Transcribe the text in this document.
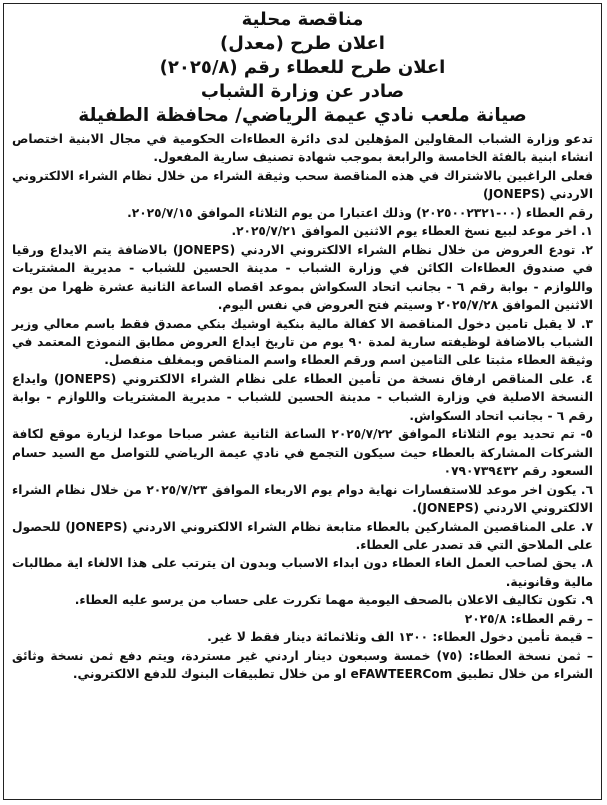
مناقصة محلية
اعلان طرح (معدل)
اعلان طرح للعطاء رقم (٢٠٢٥/٨)
صادر عن وزارة الشباب
صيانة ملعب نادي عيمة الرياضي/ محافظة الطفيلة

تدعو وزارة الشباب المقاولين المؤهلين لدى دائرة العطاءات الحكومية في مجال الابنية اختصاص انشاء ابنية بالفئة الخامسة والرابعة بموجب شهادة تصنيف سارية المفعول.

فعلى الراغبين بالاشتراك في هذه المناقصة سحب وثيقة الشراء من خلال نظام الشراء الالكتروني الاردني (JONEPS)

رقم العطاء (٠٠-٢٠٢٥٠٠٢٣٢١) وذلك اعتبارا من يوم الثلاثاء الموافق ٢٠٢٥/٧/١٥.

١. اخر موعد لبيع نسخ العطاء يوم الاثنين الموافق ٢٠٢٥/٧/٢١.

٢. تودع العروض من خلال نظام الشراء الالكتروني الاردني (JONEPS) بالاضافة يتم الايداع ورقيا في صندوق العطاءات الكائن في وزارة الشباب - مدينة الحسين للشباب - مديرية المشتريات واللوازم - بوابة رقم ٦ - بجانب اتحاد السكواش بموعد اقصاه الساعة الثانية عشرة ظهرا من يوم الاثنين الموافق ٢٠٢٥/٧/٢٨ وسيتم فتح العروض في نفس اليوم.

٣. لا يقبل تامين دخول المناقصة الا كفالة مالية بنكية اوشيك بنكي مصدق فقط باسم معالي وزير الشباب بالاضافة لوظيفته سارية لمدة ٩٠ يوم من تاريخ ايداع العروض مطابق النموذج المعتمد في وثيقة العطاء مثبتا على التامين اسم ورقم العطاء واسم المناقص وبمغلف منفصل.

٤. على المناقص ارفاق نسخة من تأمين العطاء على نظام الشراء الالكتروني (JONEPS) وايداع النسخة الاصلية في وزارة الشباب - مدينة الحسين للشباب - مديرية المشتريات واللوازم - بوابة رقم ٦ - بجانب اتحاد السكواش.

٥- تم تحديد يوم الثلاثاء الموافق ٢٠٢٥/٧/٢٢ الساعة الثانية عشر صباحا موعدا لزيارة موقع لكافة الشركات المشاركة بالعطاء حيث سيكون التجمع في نادي عيمة الرياضي للتواصل مع السيد حسام السعود رقم ٠٧٩٠٧٣٩٤٣٢

٦. يكون اخر موعد للاستفسارات نهاية دوام يوم الاربعاء الموافق ٢٠٢٥/٧/٢٣ من خلال نظام الشراء الالكتروني الاردني (JONEPS).

٧. على المناقصين المشاركين بالعطاء متابعة نظام الشراء الالكتروني الاردني (JONEPS) للحصول على الملاحق التي قد تصدر على العطاء.

٨. يحق لصاحب العمل الغاء العطاء دون ابداء الاسباب وبدون ان يترتب على هذا الالغاء اية مطالبات مالية وقانونية.

٩. تكون تكاليف الاعلان بالصحف اليومية مهما تكررت على حساب من يرسو عليه العطاء.

– رقم العطاء: ٢٠٢٥/٨

– قيمة تأمين دخول العطاء: ١٣٠٠ الف وثلاثمائة دينار فقط لا غير.

– ثمن نسخة العطاء: (٧٥) خمسة وسبعون دينار اردني غير مستردة، ويتم دفع ثمن نسخة وثائق الشراء من خلال تطبيق eFAWTEERCom او من خلال تطبيقات البنوك للدفع الالكتروني.
